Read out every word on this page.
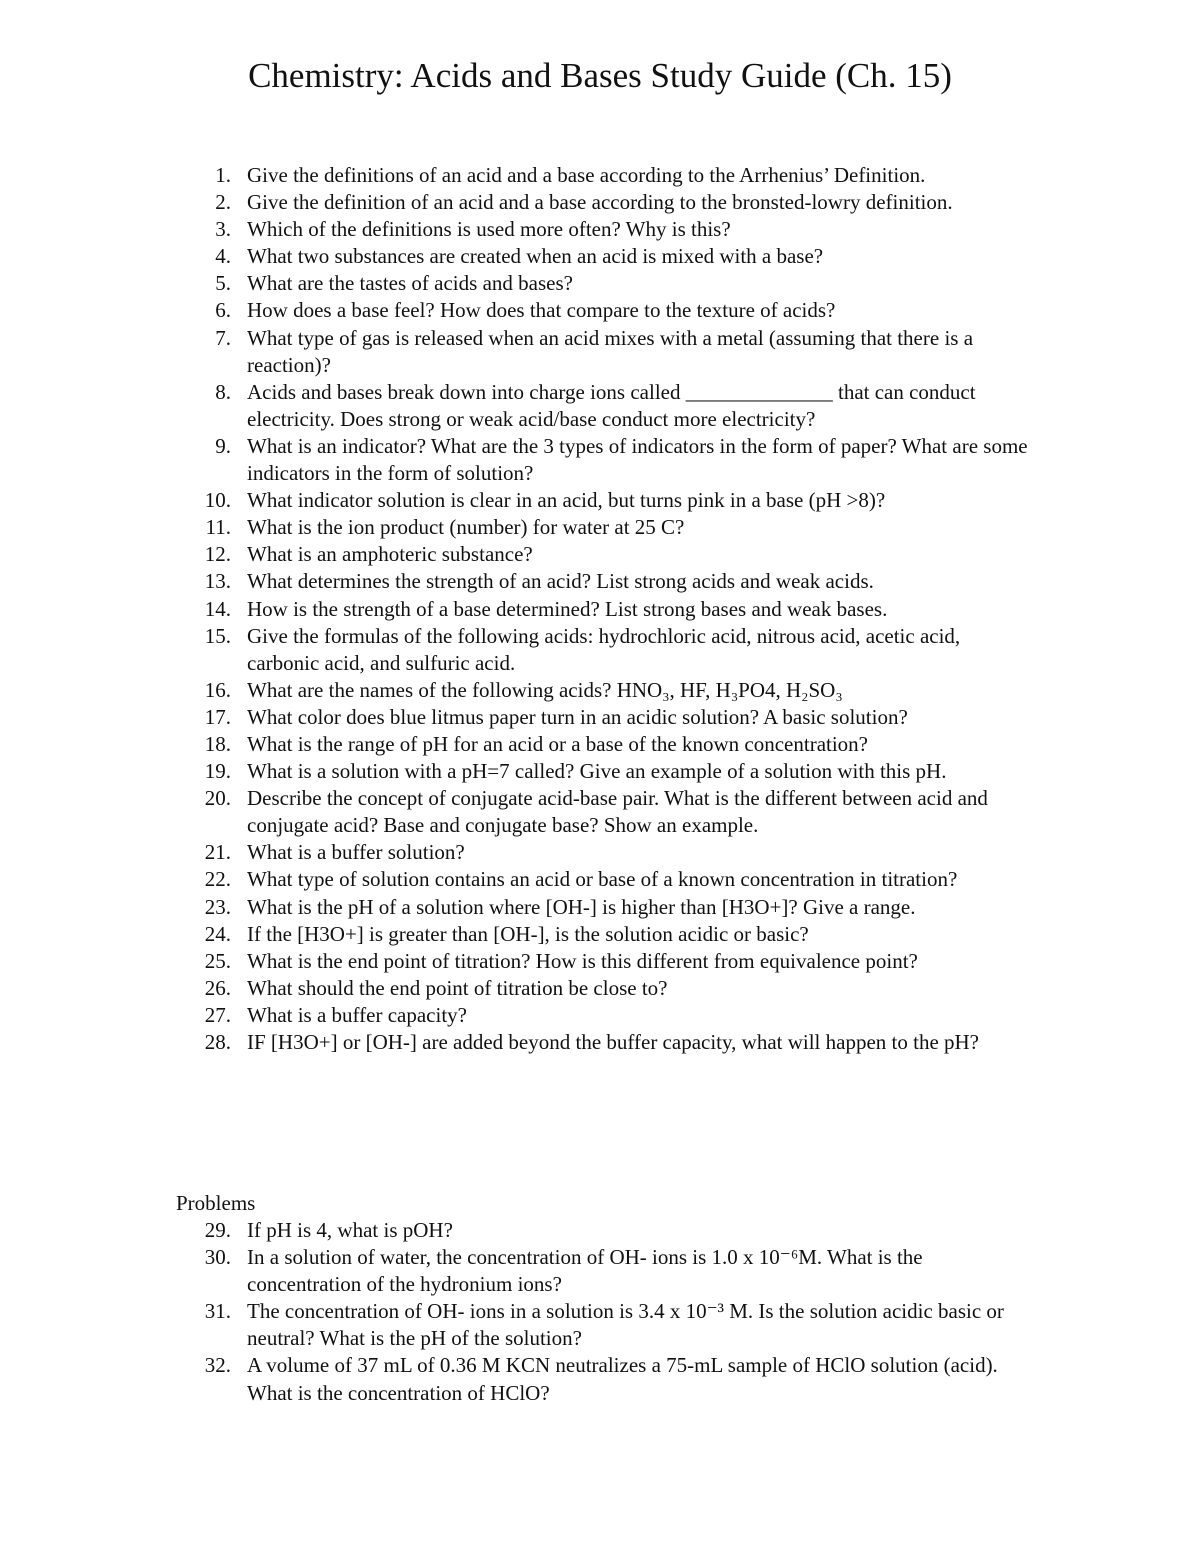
Chemistry: Acids and Bases Study Guide (Ch. 15)
1. Give the definitions of an acid and a base according to the Arrhenius’ Definition.
2. Give the definition of an acid and a base according to the bronsted-lowry definition.
3. Which of the definitions is used more often? Why is this?
4. What two substances are created when an acid is mixed with a base?
5. What are the tastes of acids and bases?
6. How does a base feel? How does that compare to the texture of acids?
7. What type of gas is released when an acid mixes with a metal (assuming that there is a reaction)?
8. Acids and bases break down into charge ions called ______________ that can conduct electricity. Does strong or weak acid/base conduct more electricity?
9. What is an indicator? What are the 3 types of indicators in the form of paper? What are some indicators in the form of solution?
10. What indicator solution is clear in an acid, but turns pink in a base (pH >8)?
11. What is the ion product (number) for water at 25 C?
12. What is an amphoteric substance?
13. What determines the strength of an acid? List strong acids and weak acids.
14. How is the strength of a base determined? List strong bases and weak bases.
15. Give the formulas of the following acids: hydrochloric acid, nitrous acid, acetic acid, carbonic acid, and sulfuric acid.
16. What are the names of the following acids? HNO₃, HF, H₃PO4, H₂SO₃
17. What color does blue litmus paper turn in an acidic solution? A basic solution?
18. What is the range of pH for an acid or a base of the known concentration?
19. What is a solution with a pH=7 called? Give an example of a solution with this pH.
20. Describe the concept of conjugate acid-base pair. What is the different between acid and conjugate acid? Base and conjugate base? Show an example.
21. What is a buffer solution?
22. What type of solution contains an acid or base of a known concentration in titration?
23. What is the pH of a solution where [OH-] is higher than [H3O+]? Give a range.
24. If the [H3O+] is greater than [OH-], is the solution acidic or basic?
25. What is the end point of titration? How is this different from equivalence point?
26. What should the end point of titration be close to?
27. What is a buffer capacity?
28. IF [H3O+] or [OH-] are added beyond the buffer capacity, what will happen to the pH?
Problems
29. If pH is 4, what is pOH?
30. In a solution of water, the concentration of OH- ions is 1.0 x 10⁻⁶M. What is the concentration of the hydronium ions?
31. The concentration of OH- ions in a solution is 3.4 x 10⁻³ M. Is the solution acidic basic or neutral? What is the pH of the solution?
32. A volume of 37 mL of 0.36 M KCN neutralizes a 75-mL sample of HClO solution (acid). What is the concentration of HClO?
